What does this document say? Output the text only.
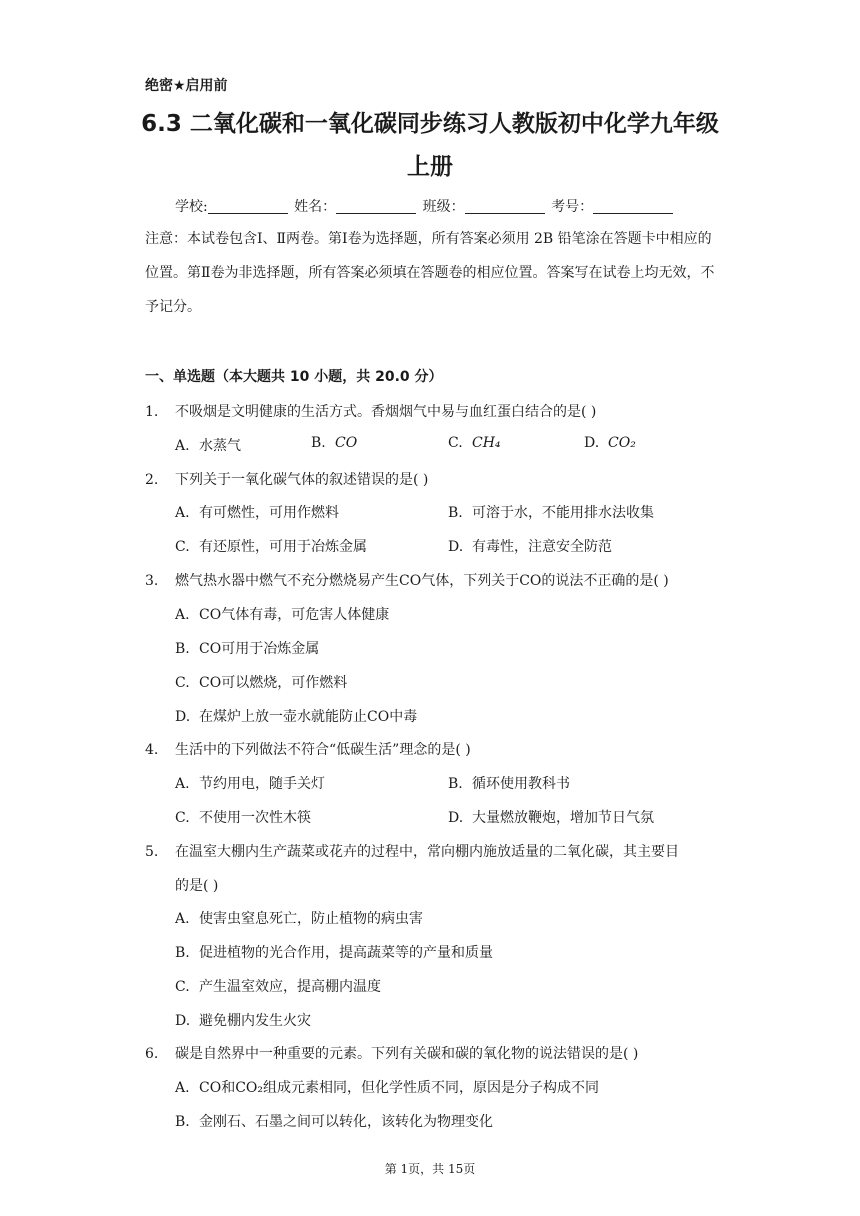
绝密★启用前
6.3 二氧化碳和一氧化碳同步练习人教版初中化学九年级
上册
学校:	姓名：	班级：	考号：
注意：本试卷包含Ⅰ、Ⅱ两卷。第Ⅰ卷为选择题，所有答案必须用 2B 铅笔涂在答题卡中相应的位置。第Ⅱ卷为非选择题，所有答案必须填在答题卷的相应位置。答案写在试卷上均无效，不予记分。
一、单选题（本大题共 10 小题，共 20.0 分）
1. 不吸烟是文明健康的生活方式。香烟烟气中易与血红蛋白结合的是( )
A. 水蒸气	B. CO	C. CH₄	D. CO₂
2. 下列关于一氧化碳气体的叙述错误的是( )
A. 有可燃性，可用作燃料	B. 可溶于水，不能用排水法收集
C. 有还原性，可用于冶炼金属	D. 有毒性，注意安全防范
3. 燃气热水器中燃气不充分燃烧易产生CO气体，下列关于CO的说法不正确的是( )
A. CO气体有毒，可危害人体健康
B. CO可用于冶炼金属
C. CO可以燃烧，可作燃料
D. 在煤炉上放一壶水就能防止CO中毒
4. 生活中的下列做法不符合“低碳生活”理念的是( )
A. 节约用电，随手关灯	B. 循环使用教科书
C. 不使用一次性木筷	D. 大量燃放鞭炮，增加节日气氛
5. 在温室大棚内生产蔬菜或花卉的过程中，常向棚内施放适量的二氧化碳，其主要目
的是( )
A. 使害虫窒息死亡，防止植物的病虫害
B. 促进植物的光合作用，提高蔬菜等的产量和质量
C. 产生温室效应，提高棚内温度
D. 避免棚内发生火灾
6. 碳是自然界中一种重要的元素。下列有关碳和碳的氧化物的说法错误的是( )
A. CO和CO₂组成元素相同，但化学性质不同，原因是分子构成不同
B. 金刚石、石墨之间可以转化，该转化为物理变化
第 1页，共 15页
